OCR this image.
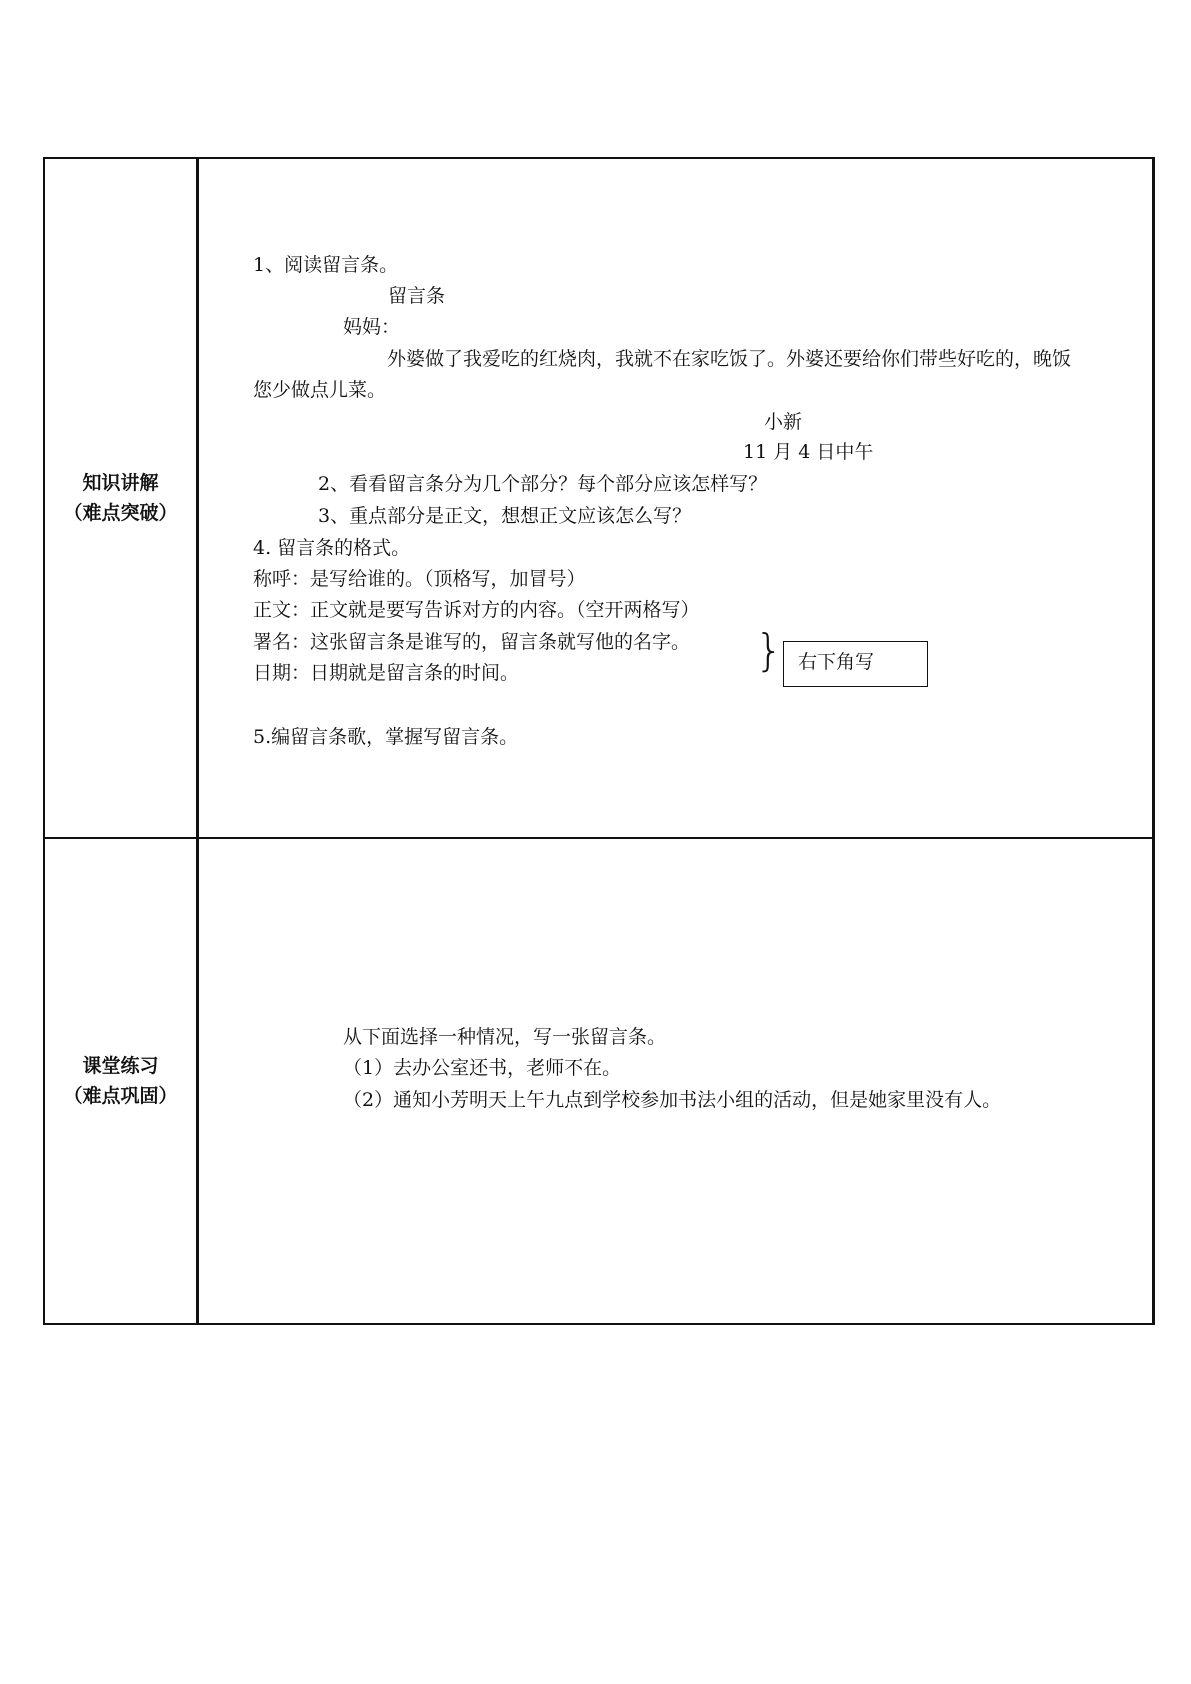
知识讲解
（难点突破）
1、阅读留言条。
留言条
妈妈：
外婆做了我爱吃的红烧肉，我就不在家吃饭了。外婆还要给你们带些好吃的，晚饭
您少做点儿菜。
小新
11 月 4 日中午
2、看看留言条分为几个部分？每个部分应该怎样写？
3、重点部分是正文，想想正文应该怎么写？
4. 留言条的格式。
称呼：是写给谁的。（顶格写，加冒号）
正文：正文就是要写告诉对方的内容。（空开两格写）
署名：这张留言条是谁写的，留言条就写他的名字。
日期：日期就是留言条的时间。	} 右下角写
5.编留言条歌，掌握写留言条。
课堂练习
（难点巩固）
从下面选择一种情况，写一张留言条。
（1）去办公室还书，老师不在。
（2）通知小芳明天上午九点到学校参加书法小组的活动，但是她家里没有人。
